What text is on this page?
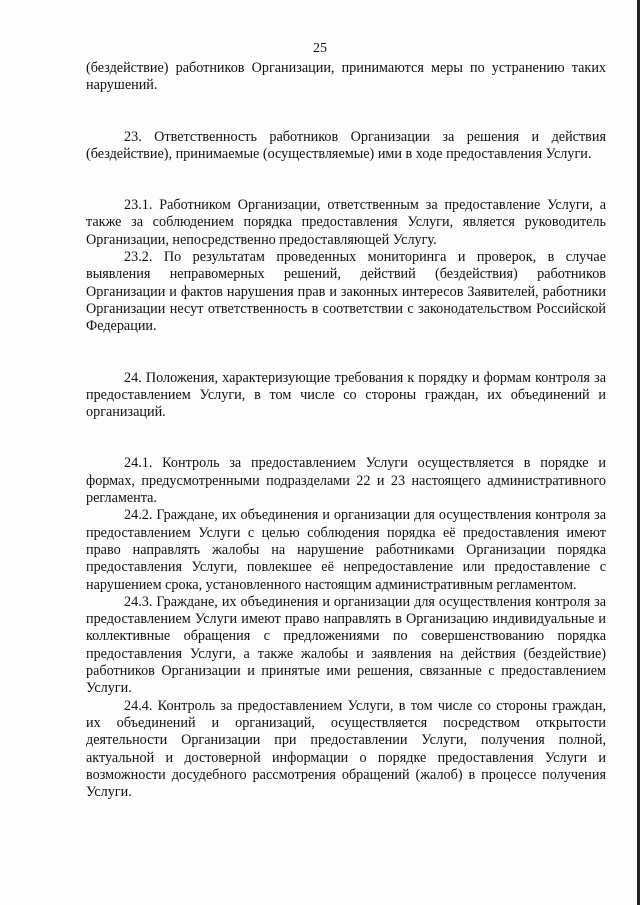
25

(бездействие) работников Организации, принимаются меры по устранению таких нарушений.

23. Ответственность работников Организации за решения и действия (бездействие), принимаемые (осуществляемые) ими в ходе предоставления Услуги.

23.1. Работником Организации, ответственным за предоставление Услуги, а также за соблюдением порядка предоставления Услуги, является руководитель Организации, непосредственно предоставляющей Услугу.

23.2. По результатам проведенных мониторинга и проверок, в случае выявления неправомерных решений, действий (бездействия) работников Организации и фактов нарушения прав и законных интересов Заявителей, работники Организации несут ответственность в соответствии с законодательством Российской Федерации.

24. Положения, характеризующие требования к порядку и формам контроля за предоставлением Услуги, в том числе со стороны граждан, их объединений и организаций.

24.1. Контроль за предоставлением Услуги осуществляется в порядке и формах, предусмотренными подразделами 22 и 23 настоящего административного регламента.

24.2. Граждане, их объединения и организации для осуществления контроля за предоставлением Услуги с целью соблюдения порядка её предоставления имеют право направлять жалобы на нарушение работниками Организации порядка предоставления Услуги, повлекшее её непредоставление или предоставление с нарушением срока, установленного настоящим административным регламентом.

24.3. Граждане, их объединения и организации для осуществления контроля за предоставлением Услуги имеют право направлять в Организацию индивидуальные и коллективные обращения с предложениями по совершенствованию порядка предоставления Услуги, а также жалобы и заявления на действия (бездействие) работников Организации и принятые ими решения, связанные с предоставлением Услуги.

24.4. Контроль за предоставлением Услуги, в том числе со стороны граждан, их объединений и организаций, осуществляется посредством открытости деятельности Организации при предоставлении Услуги, получения полной, актуальной и достоверной информации о порядке предоставления Услуги и возможности досудебного рассмотрения обращений (жалоб) в процессе получения Услуги.
